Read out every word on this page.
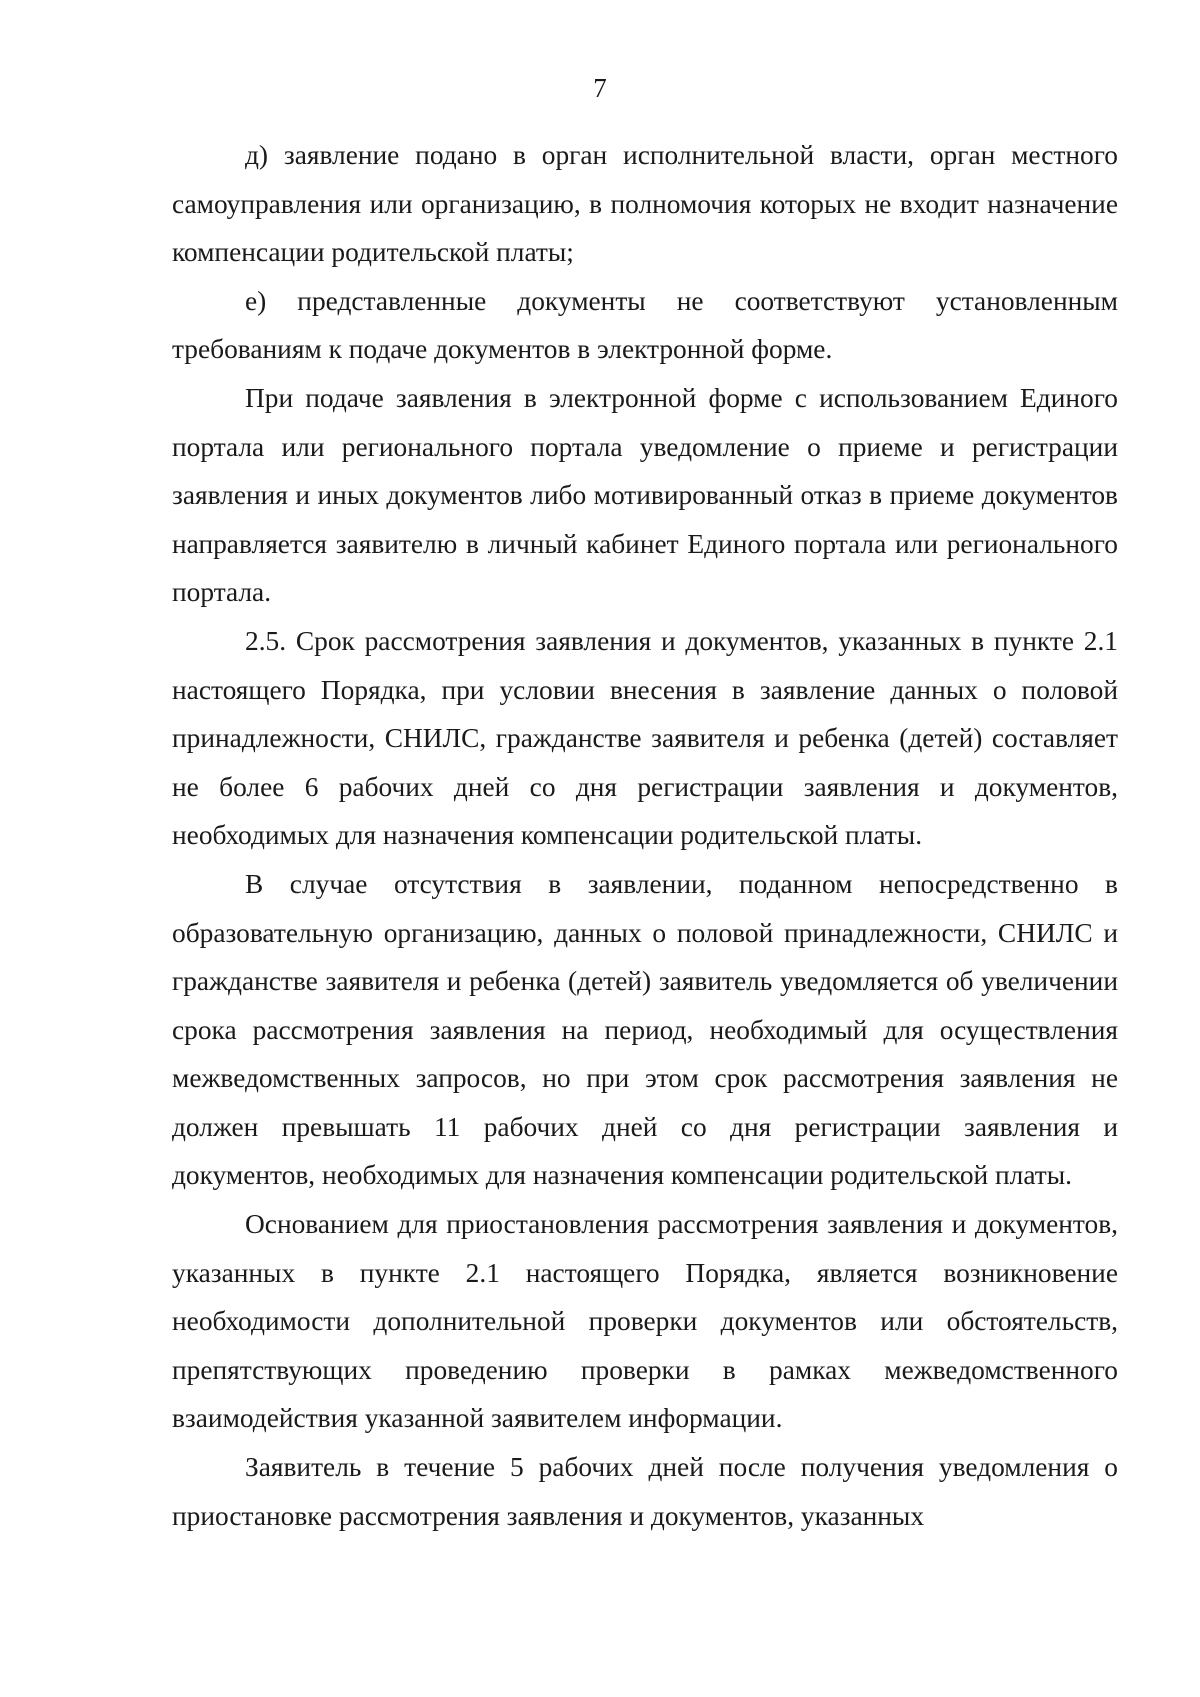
7

д) заявление подано в орган исполнительной власти, орган местного самоуправления или организацию, в полномочия которых не входит назначение компенсации родительской платы;

е) представленные документы не соответствуют установленным требованиям к подаче документов в электронной форме.

При подаче заявления в электронной форме с использованием Единого портала или регионального портала уведомление о приеме и регистрации заявления и иных документов либо мотивированный отказ в приеме документов направляется заявителю в личный кабинет Единого портала или регионального портала.

2.5. Срок рассмотрения заявления и документов, указанных в пункте 2.1 настоящего Порядка, при условии внесения в заявление данных о половой принадлежности, СНИЛС, гражданстве заявителя и ребенка (детей) составляет не более 6 рабочих дней со дня регистрации заявления и документов, необходимых для назначения компенсации родительской платы.

В случае отсутствия в заявлении, поданном непосредственно в образовательную организацию, данных о половой принадлежности, СНИЛС и гражданстве заявителя и ребенка (детей) заявитель уведомляется об увеличении срока рассмотрения заявления на период, необходимый для осуществления межведомственных запросов, но при этом срок рассмотрения заявления не должен превышать 11 рабочих дней со дня регистрации заявления и документов, необходимых для назначения компенсации родительской платы.

Основанием для приостановления рассмотрения заявления и документов, указанных в пункте 2.1 настоящего Порядка, является возникновение необходимости дополнительной проверки документов или обстоятельств, препятствующих проведению проверки в рамках межведомственного взаимодействия указанной заявителем информации.

Заявитель в течение 5 рабочих дней после получения уведомления о приостановке рассмотрения заявления и документов, указанных
